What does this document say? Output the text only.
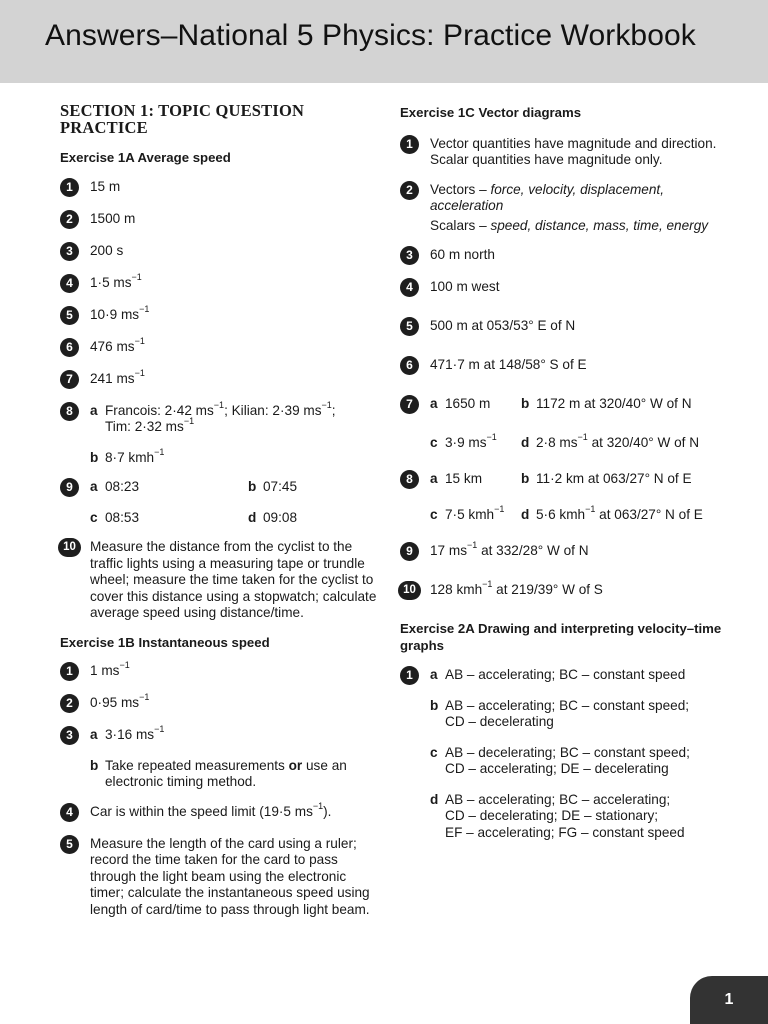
Answers–National 5 Physics: Practice Workbook
SECTION 1: TOPIC QUESTION PRACTICE
Exercise 1A Average speed
1	15 m
2	1500 m
3	200 s
4	1·5 $ms^{-1}$
5	10·9 $ms^{-1}$
6	476 $ms^{-1}$
7	241 $ms^{-1}$
8	a Francois: 2·42 $ms^{-1}$; Kilian: 2·39 $ms^{-1}$;
Tim: 2·32 $ms^{-1}$
b 8·7 kmh$^{-1}$
9	a 08:23	b 07:45
c 08:53	d 09:08
10	Measure the distance from the cyclist to the traffic lights using a measuring tape or trundle wheel; measure the time taken for the cyclist to cover this distance using a stopwatch; calculate average speed using distance/time.
Exercise 1B Instantaneous speed
1	1 $ms^{-1}$
2	0·95 $ms^{-1}$
3	a 3·16 $ms^{-1}$
b Take repeated measurements or use an electronic timing method.
4	Car is within the speed limit (19·5 $ms^{-1}$).
5	Measure the length of the card using a ruler; record the time taken for the card to pass through the light beam using the electronic timer; calculate the instantaneous speed using length of card/time to pass through light beam.
Exercise 1C Vector diagrams
1	Vector quantities have magnitude and direction. Scalar quantities have magnitude only.
2	Vectors – force, velocity, displacement, acceleration
Scalars – speed, distance, mass, time, energy
3	60 m north
4	100 m west
5	500 m at 053/53° E of N
6	471·7 m at 148/58° S of E
7	a 1650 m b 1172 m at 320/40° W of N
c 3·9 $ms^{-1}$ d 2·8 $ms^{-1}$ at 320/40° W of N
8	a 15 km	b 11·2 km at 063/27° N of E
c 7·5 kmh$^{-1}$ d 5·6 kmh$^{-1}$ at 063/27° N of E
9	17 $ms^{-1}$ at 332/28° W of N
10	128 kmh$^{-1}$ at 219/39° W of S
Exercise 2A Drawing and interpreting velocity–time graphs
1	a AB – accelerating; BC – constant speed
b AB – accelerating; BC – constant speed;
CD – decelerating
c AB – decelerating; BC – constant speed;
CD – accelerating; DE – decelerating
d AB – accelerating; BC – accelerating;
CD – decelerating; DE – stationary;
EF – accelerating; FG – constant speed
1
